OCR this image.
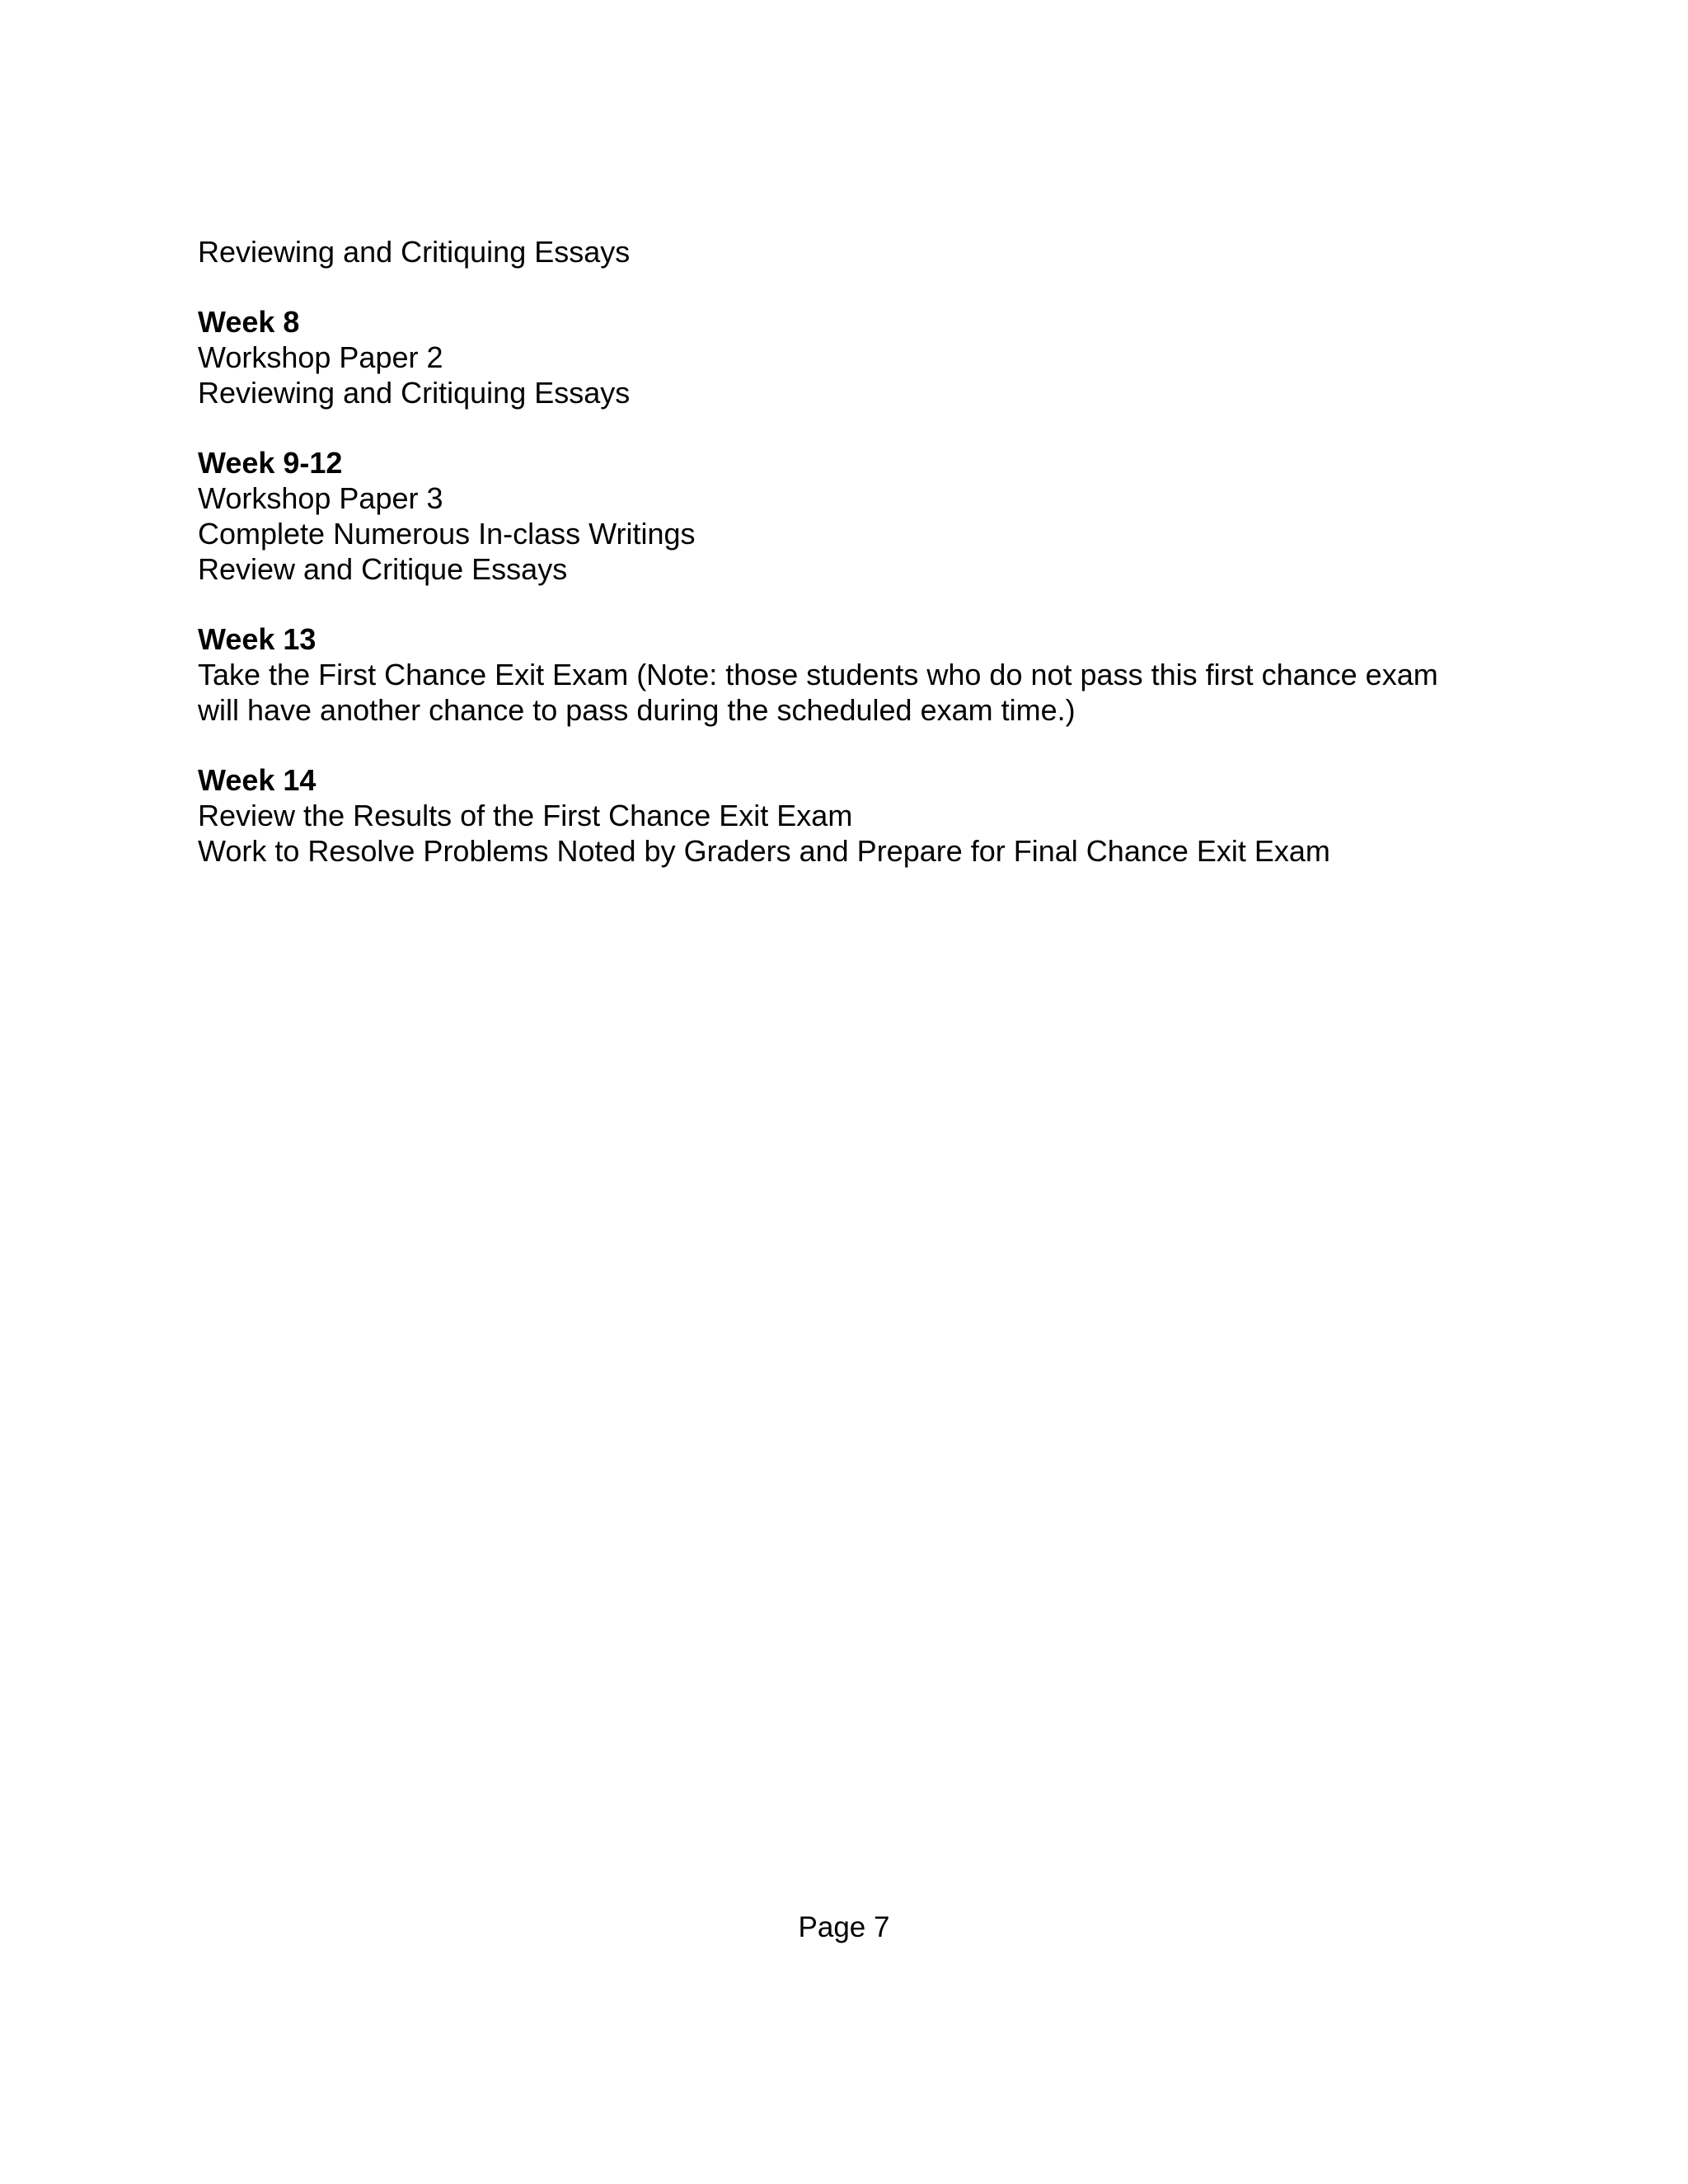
Reviewing and Critiquing Essays
Week 8
Workshop Paper 2
Reviewing and Critiquing Essays
Week 9-12
Workshop Paper 3
Complete Numerous In-class Writings
Review and Critique Essays
Week 13
Take the First Chance Exit Exam (Note: those students who do not pass this first chance exam
will have another chance to pass during the scheduled exam time.)
Week 14
Review the Results of the First Chance Exit Exam
Work to Resolve Problems Noted by Graders and Prepare for Final Chance Exit Exam
Page 7
